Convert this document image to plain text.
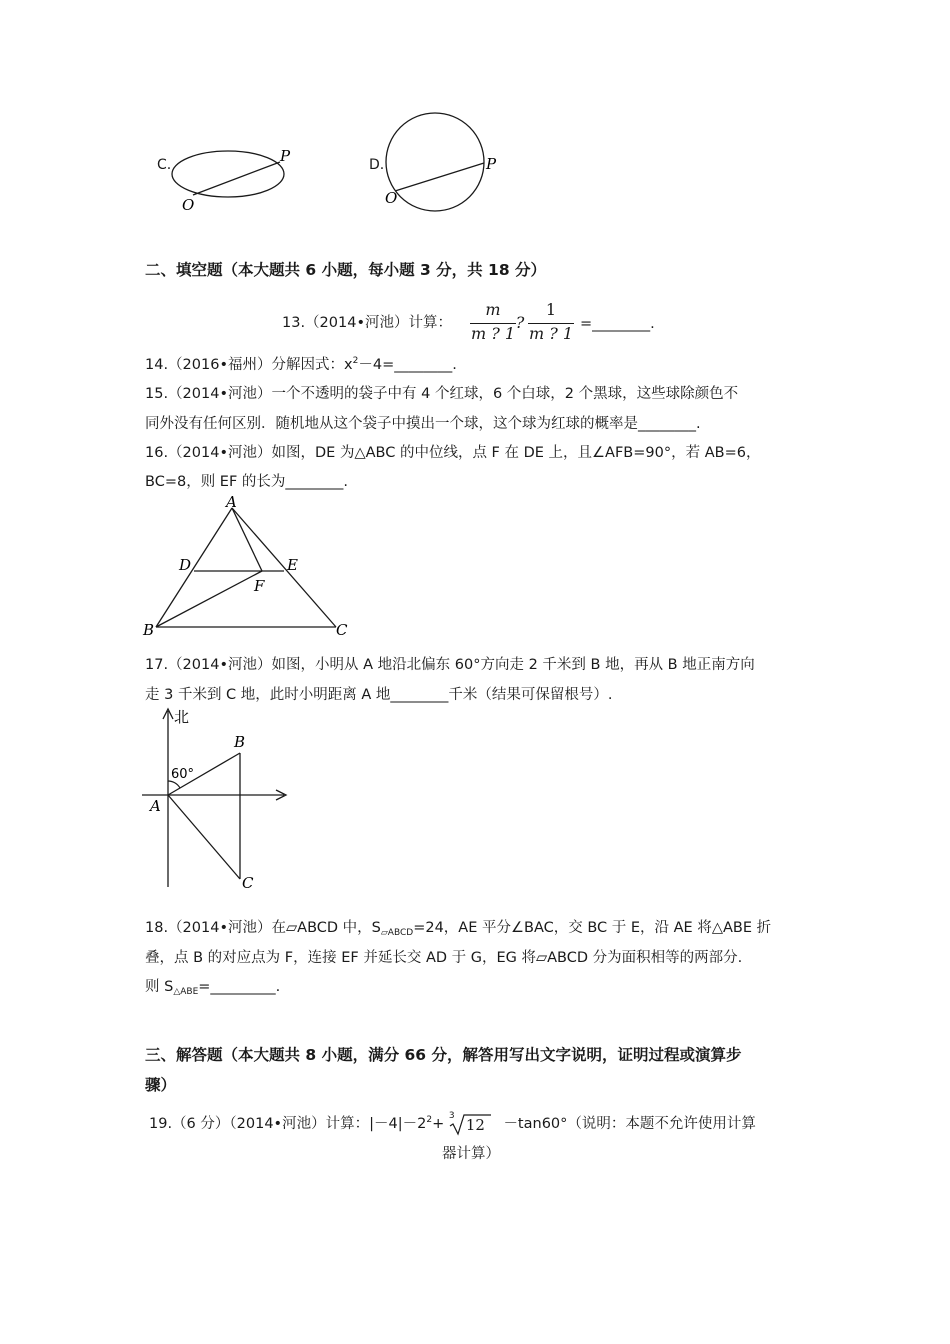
C.
O
P	D.
O
P
二、填空题（本大题共 6 小题，每小题 3 分，共 18 分）
13.（2014•河池）计算：
m
m ? 1
?
1
m ? 1 =________.
14.（2016•福州）分解因式：$x^2-4=\_\_\_\_\_\_\_\_$.
15.（2014•河池）一个不透明的袋子中有 4 个红球，6 个白球，2 个黑球，这些球除颜色不
同外没有任何区别．随机地从这个袋子中摸出一个球，这个球为红球的概率是________.
16.（2014•河池）如图，DE 为△ABC 的中位线，点 F 在 DE 上，且∠AFB=90°，若 AB=6，
BC=8，则 EF 的长为________.
A
B	C
D	E
F
17.（2014•河池）如图，小明从 A 地沿北偏东 60°方向走 2 千米到 B 地，再从 B 地正南方向
走 3 千米到 C 地，此时小明距离 A 地________千米（结果可保留根号）.
北
60°
A
B
C
18.（2014•河池）在▱ABCD 中，$S_{▱ABCD}=24$，AE 平分∠BAC，交 BC 于 E，沿 AE 将△ABE 折
叠，点 B 的对应点为 F，连接 EF 并延长交 AD 于 G，EG 将▱ABCD 分为面积相等的两部分.
则 $S_{\triangle ABE}=\_\_\_\_\_\_\_\_\_$.
三、解答题（本大题共 8 小题，满分 66 分，解答用写出文字说明，证明过程或演算步
骤）
19.（6 分）（2014•河池）计算：$|-4|-2^2+ 3$ 12 －tan60°（说明：本题不允许使用计算
器计算）
